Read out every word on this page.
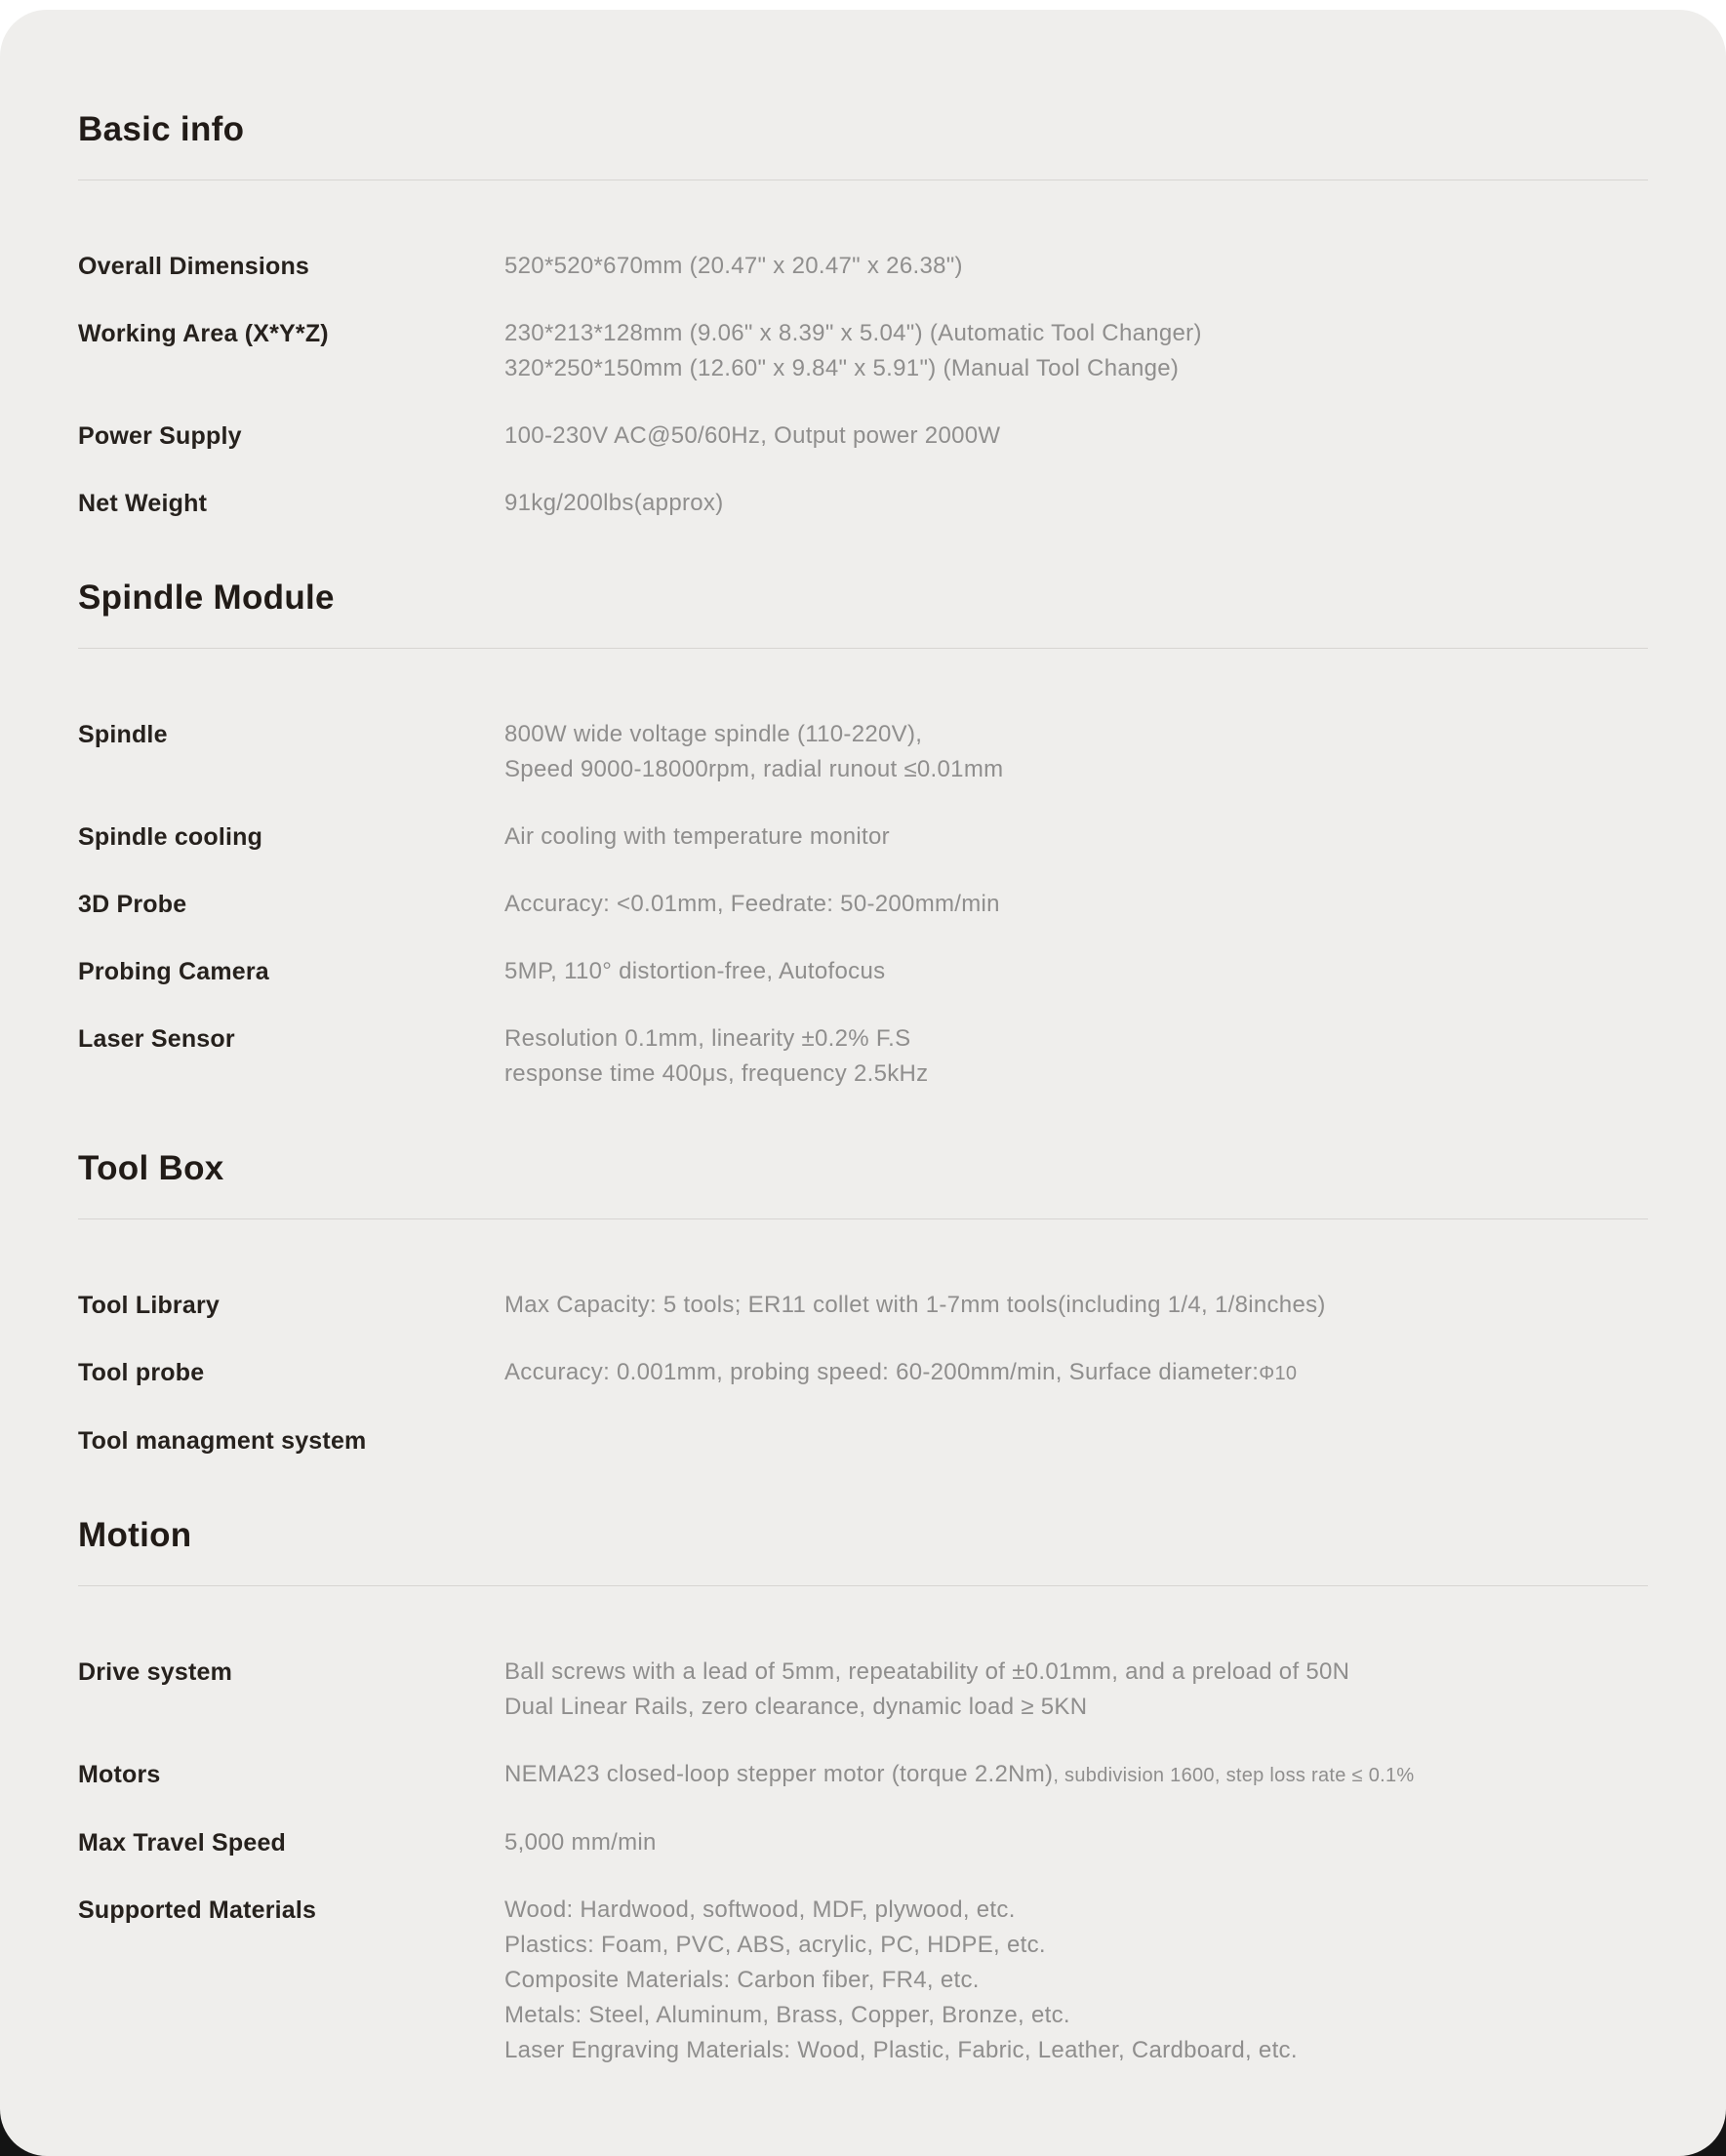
Basic info
Overall Dimensions	520*520*670mm (20.47" x 20.47" x 26.38")
Working Area (X*Y*Z)	230*213*128mm (9.06" x 8.39" x 5.04") (Automatic Tool Changer)
320*250*150mm (12.60" x 9.84" x 5.91") (Manual Tool Change)
Power Supply	100-230V AC@50/60Hz, Output power 2000W
Net Weight	91kg/200lbs(approx)
Spindle Module
Spindle	800W wide voltage spindle (110-220V),
Speed 9000-18000rpm, radial runout ≤0.01mm
Spindle cooling	Air cooling with temperature monitor
3D Probe	Accuracy: <0.01mm, Feedrate: 50-200mm/min
Probing Camera	5MP, 110° distortion-free, Autofocus
Laser Sensor	Resolution 0.1mm, linearity ±0.2% F.S
response time 400μs, frequency 2.5kHz
Tool Box
Tool Library	Max Capacity: 5 tools; ER11 collet with 1-7mm tools(including 1/4, 1/8inches)
Tool probe	Accuracy: 0.001mm, probing speed: 60-200mm/min, Surface diameter:Φ10
Tool managment system
Motion
Drive system	Ball screws with a lead of 5mm, repeatability of ±0.01mm, and a preload of 50N
Dual Linear Rails, zero clearance, dynamic load ≥ 5KN
Motors	NEMA23 closed-loop stepper motor (torque 2.2Nm), subdivision 1600, step loss rate ≤ 0.1%
Max Travel Speed	5,000 mm/min
Supported Materials	Wood: Hardwood, softwood, MDF, plywood, etc.
Plastics: Foam, PVC, ABS, acrylic, PC, HDPE, etc.
Composite Materials: Carbon fiber, FR4, etc.
Metals: Steel, Aluminum, Brass, Copper, Bronze, etc.
Laser Engraving Materials: Wood, Plastic, Fabric, Leather, Cardboard, etc.
